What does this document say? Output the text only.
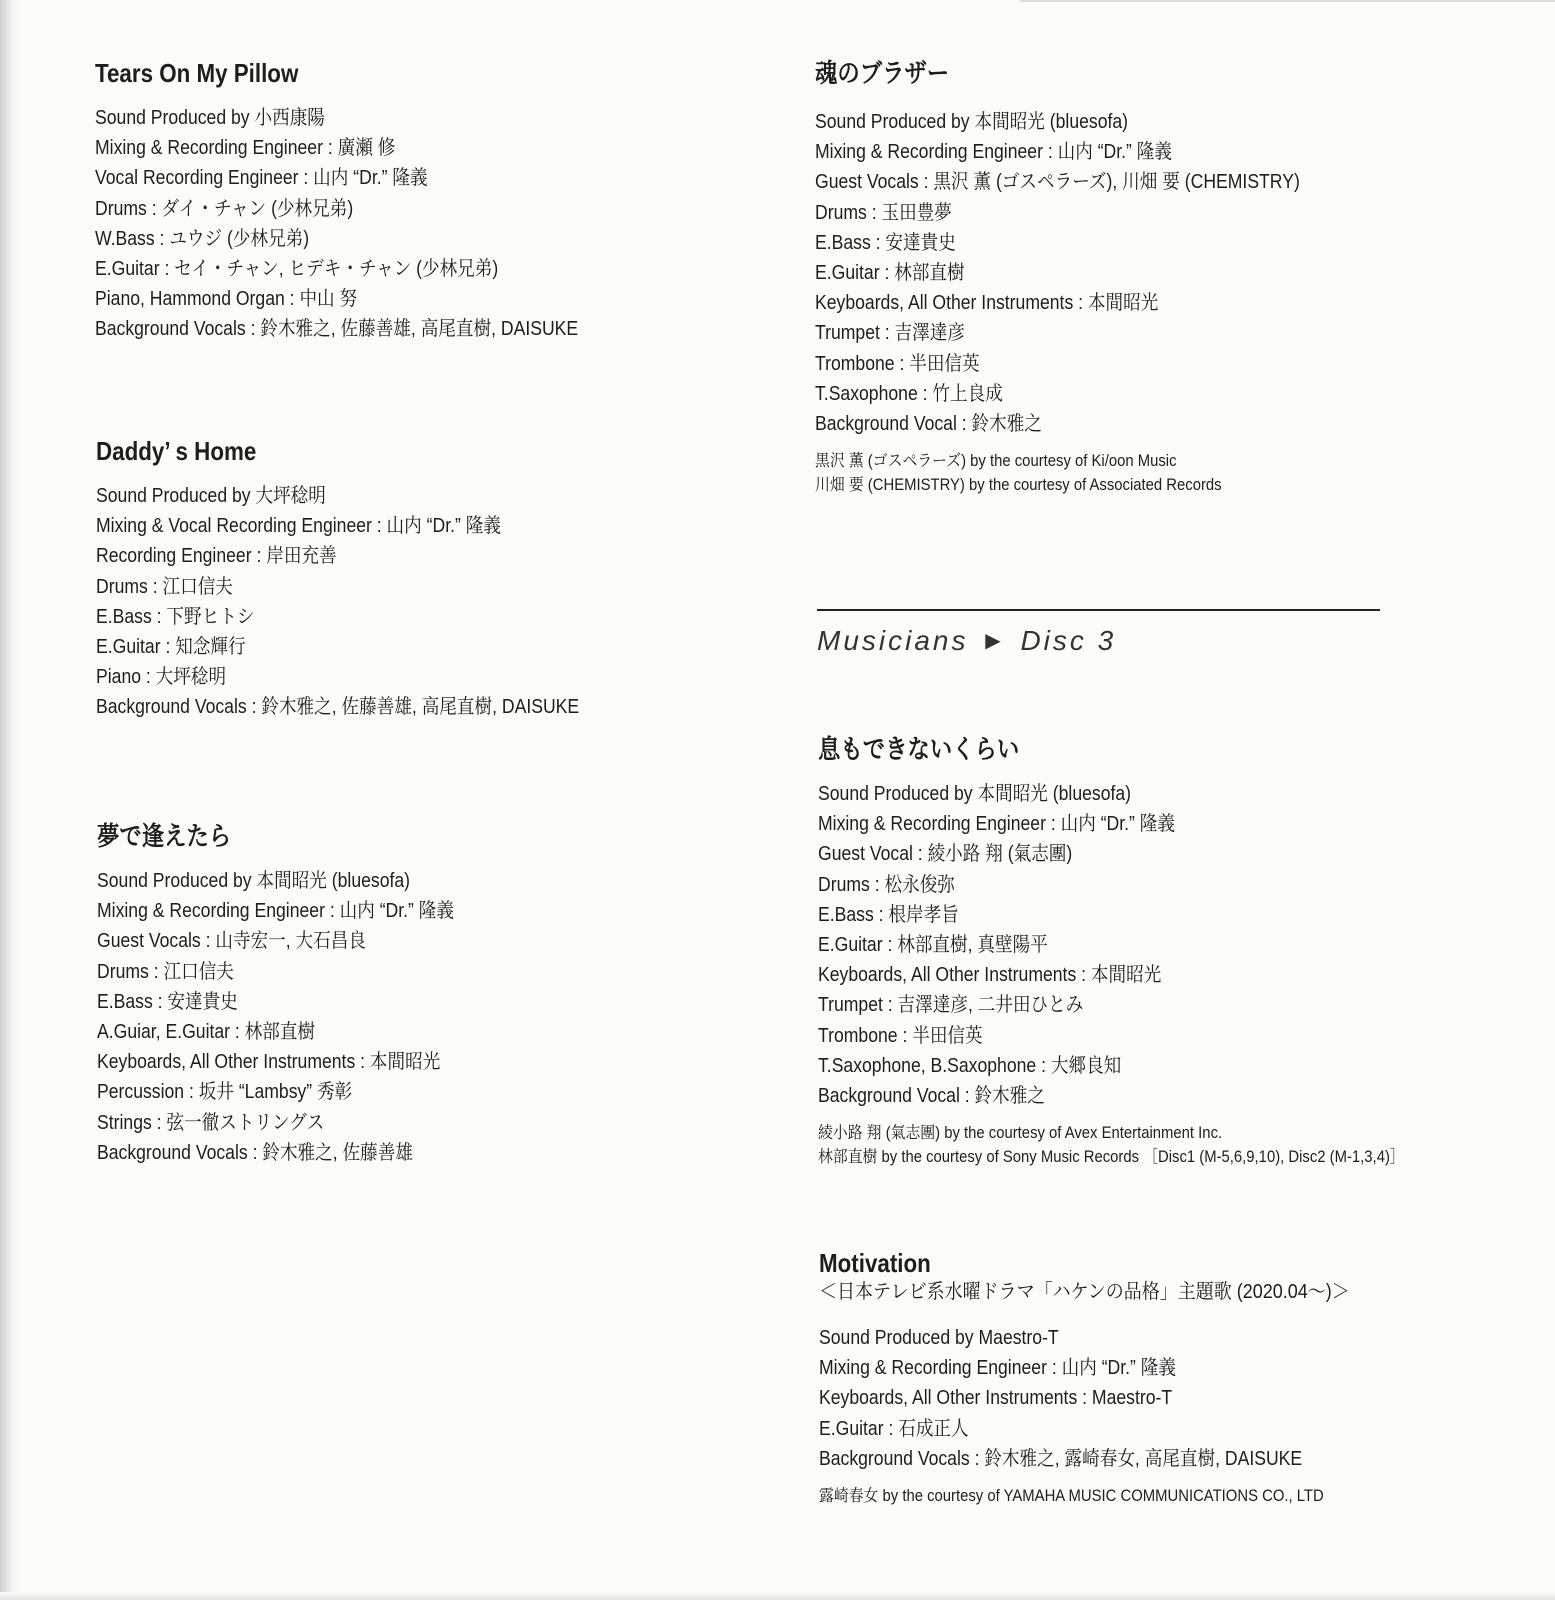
Tears On My Pillow
Sound Produced by 小西康陽
Mixing & Recording Engineer : 廣瀬 修
Vocal Recording Engineer : 山内 “Dr.” 隆義
Drums : ダイ・チャン (少林兄弟)
W.Bass : ユウジ (少林兄弟)
E.Guitar : セイ・チャン, ヒデキ・チャン (少林兄弟)
Piano, Hammond Organ : 中山 努
Background Vocals : 鈴木雅之, 佐藤善雄, 高尾直樹, DAISUKE
Daddy’ s Home
Sound Produced by 大坪稔明
Mixing & Vocal Recording Engineer : 山内 “Dr.” 隆義
Recording Engineer : 岸田充善
Drums : 江口信夫
E.Bass : 下野ヒトシ
E.Guitar : 知念輝行
Piano : 大坪稔明
Background Vocals : 鈴木雅之, 佐藤善雄, 高尾直樹, DAISUKE
夢で逢えたら
Sound Produced by 本間昭光 (bluesofa)
Mixing & Recording Engineer : 山内 “Dr.” 隆義
Guest Vocals : 山寺宏一, 大石昌良
Drums : 江口信夫
E.Bass : 安達貴史
A.Guiar, E.Guitar : 林部直樹
Keyboards, All Other Instruments : 本間昭光
Percussion : 坂井 “Lambsy” 秀彰
Strings : 弦一徹ストリングス
Background Vocals : 鈴木雅之, 佐藤善雄
魂のブラザー
Sound Produced by 本間昭光 (bluesofa)
Mixing & Recording Engineer : 山内 “Dr.” 隆義
Guest Vocals : 黒沢 薫 (ゴスペラーズ), 川畑 要 (CHEMISTRY)
Drums : 玉田豊夢
E.Bass : 安達貴史
E.Guitar : 林部直樹
Keyboards, All Other Instruments : 本間昭光
Trumpet : 吉澤達彦
Trombone : 半田信英
T.Saxophone : 竹上良成
Background Vocal : 鈴木雅之
黒沢 薫 (ゴスペラーズ) by the courtesy of Ki/oon Music
川畑 要 (CHEMISTRY) by the courtesy of Associated Records
Musicians ▶ Disc 3
息もできないくらい
Sound Produced by 本間昭光 (bluesofa)
Mixing & Recording Engineer : 山内 “Dr.” 隆義
Guest Vocal : 綾小路 翔 (氣志團)
Drums : 松永俊弥
E.Bass : 根岸孝旨
E.Guitar : 林部直樹, 真壁陽平
Keyboards, All Other Instruments : 本間昭光
Trumpet : 吉澤達彦, 二井田ひとみ
Trombone : 半田信英
T.Saxophone, B.Saxophone : 大郷良知
Background Vocal : 鈴木雅之
綾小路 翔 (氣志團) by the courtesy of Avex Entertainment Inc.
林部直樹 by the courtesy of Sony Music Records ［Disc1 (M-5,6,9,10), Disc2 (M-1,3,4)］
Motivation
＜日本テレビ系水曜ドラマ「ハケンの品格」主題歌 (2020.04〜)＞
Sound Produced by Maestro-T
Mixing & Recording Engineer : 山内 “Dr.” 隆義
Keyboards, All Other Instruments : Maestro-T
E.Guitar : 石成正人
Background Vocals : 鈴木雅之, 露崎春女, 高尾直樹, DAISUKE
露崎春女 by the courtesy of YAMAHA MUSIC COMMUNICATIONS CO., LTD
